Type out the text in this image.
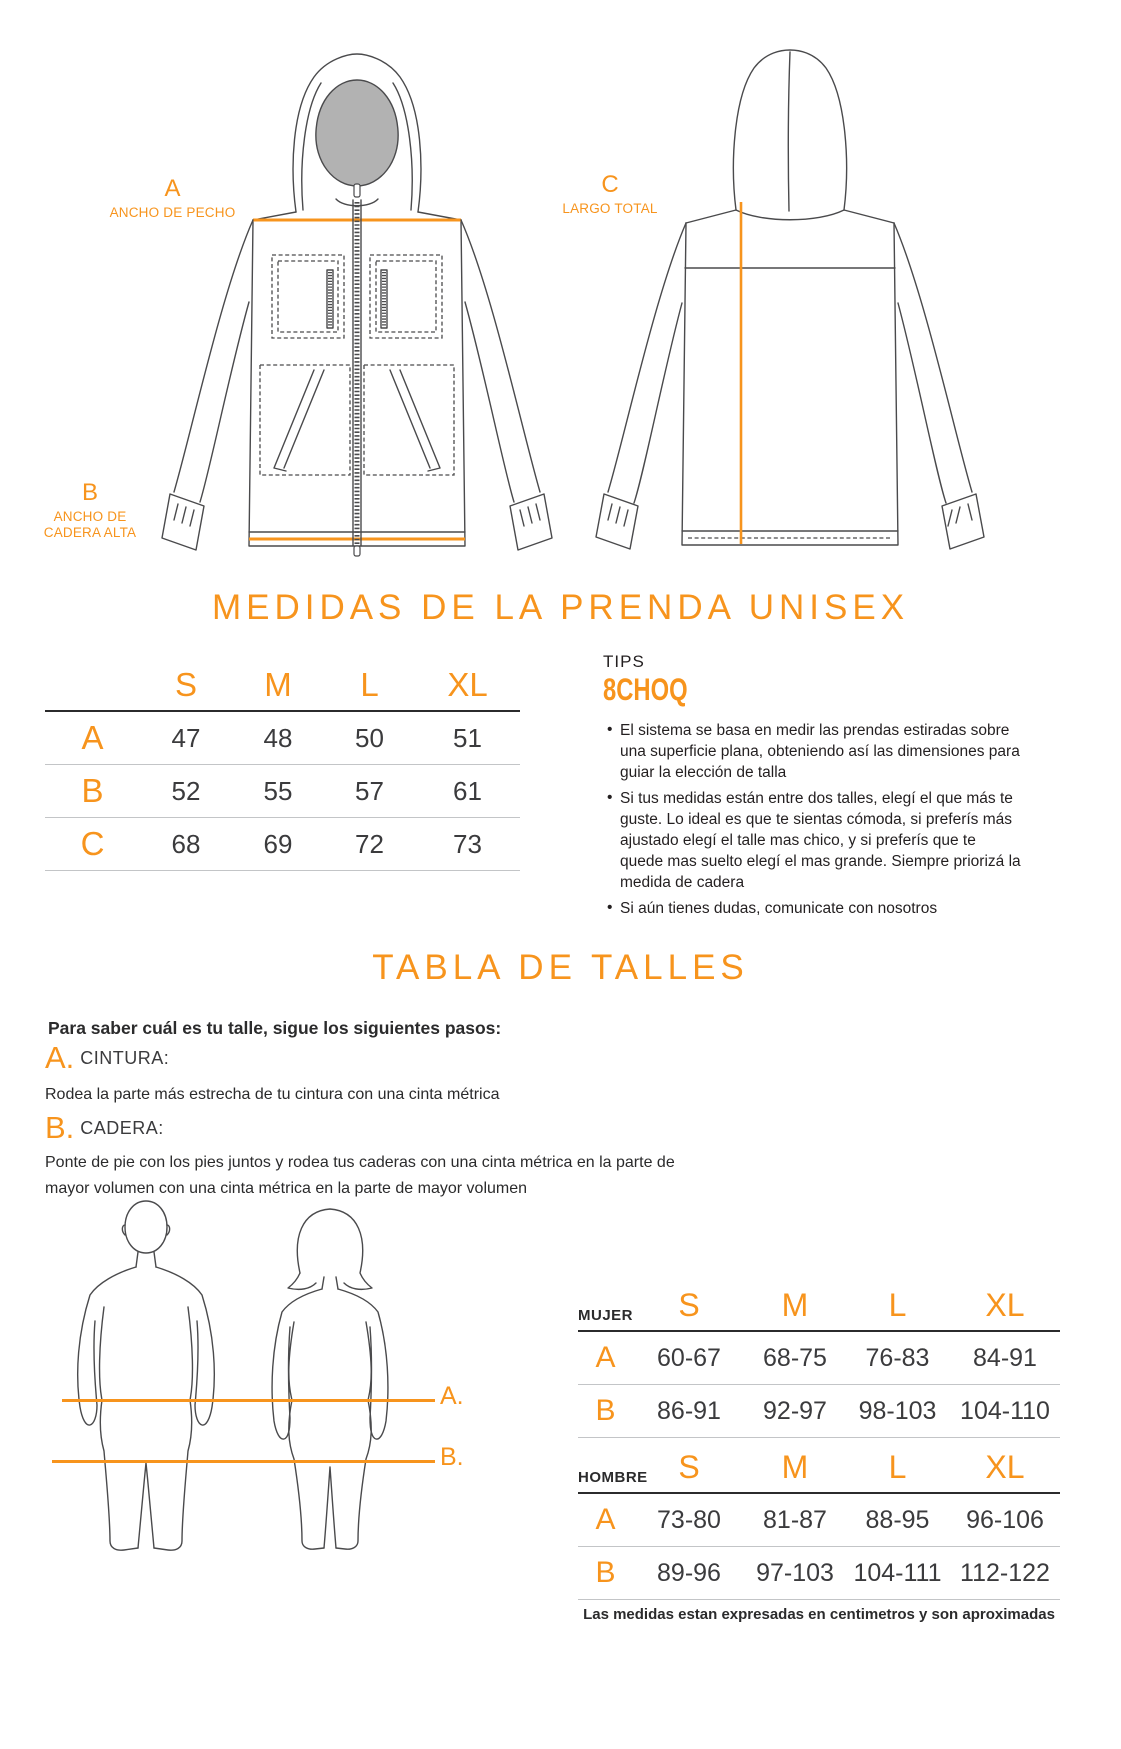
A
ANCHO DE PECHO
C
LARGO TOTAL
B
ANCHO DE
CADERA ALTA
MEDIDAS DE LA PRENDA UNISEX
S	M	L	XL
A	47	48	50	51
B	52	55	57	61
C	68	69	72	73
TIPS
8CHOQ
• El sistema se basa en medir las prendas estiradas sobre una superficie plana, obteniendo así las dimensiones para guiar la elección de talla
• Si tus medidas están entre dos talles, elegí el que más te guste. Lo ideal es que te sientas cómoda, si preferís más ajustado elegí el talle mas chico, y si preferís que te quede mas suelto elegí el mas grande. Siempre priorizá la medida de cadera
• Si aún tienes dudas, comunicate con nosotros
TABLA DE TALLES
Para saber cuál es tu talle, sigue los siguientes pasos:
A. CINTURA:
Rodea la parte más estrecha de tu cintura con una cinta métrica
B. CADERA:
Ponte de pie con los pies juntos y rodea tus caderas con una cinta métrica en la parte de mayor volumen con una cinta métrica en la parte de mayor volumen
A.
B.
MUJER	S	M	L	XL
A	60-67	68-75	76-83	84-91
B	86-91	92-97	98-103 104-110
HOMBRE S	M	L	XL
A	73-80	81-87	88-95	96-106
B	89-96	97-103 104-111 112-122
Las medidas estan expresadas en centimetros y son aproximadas
